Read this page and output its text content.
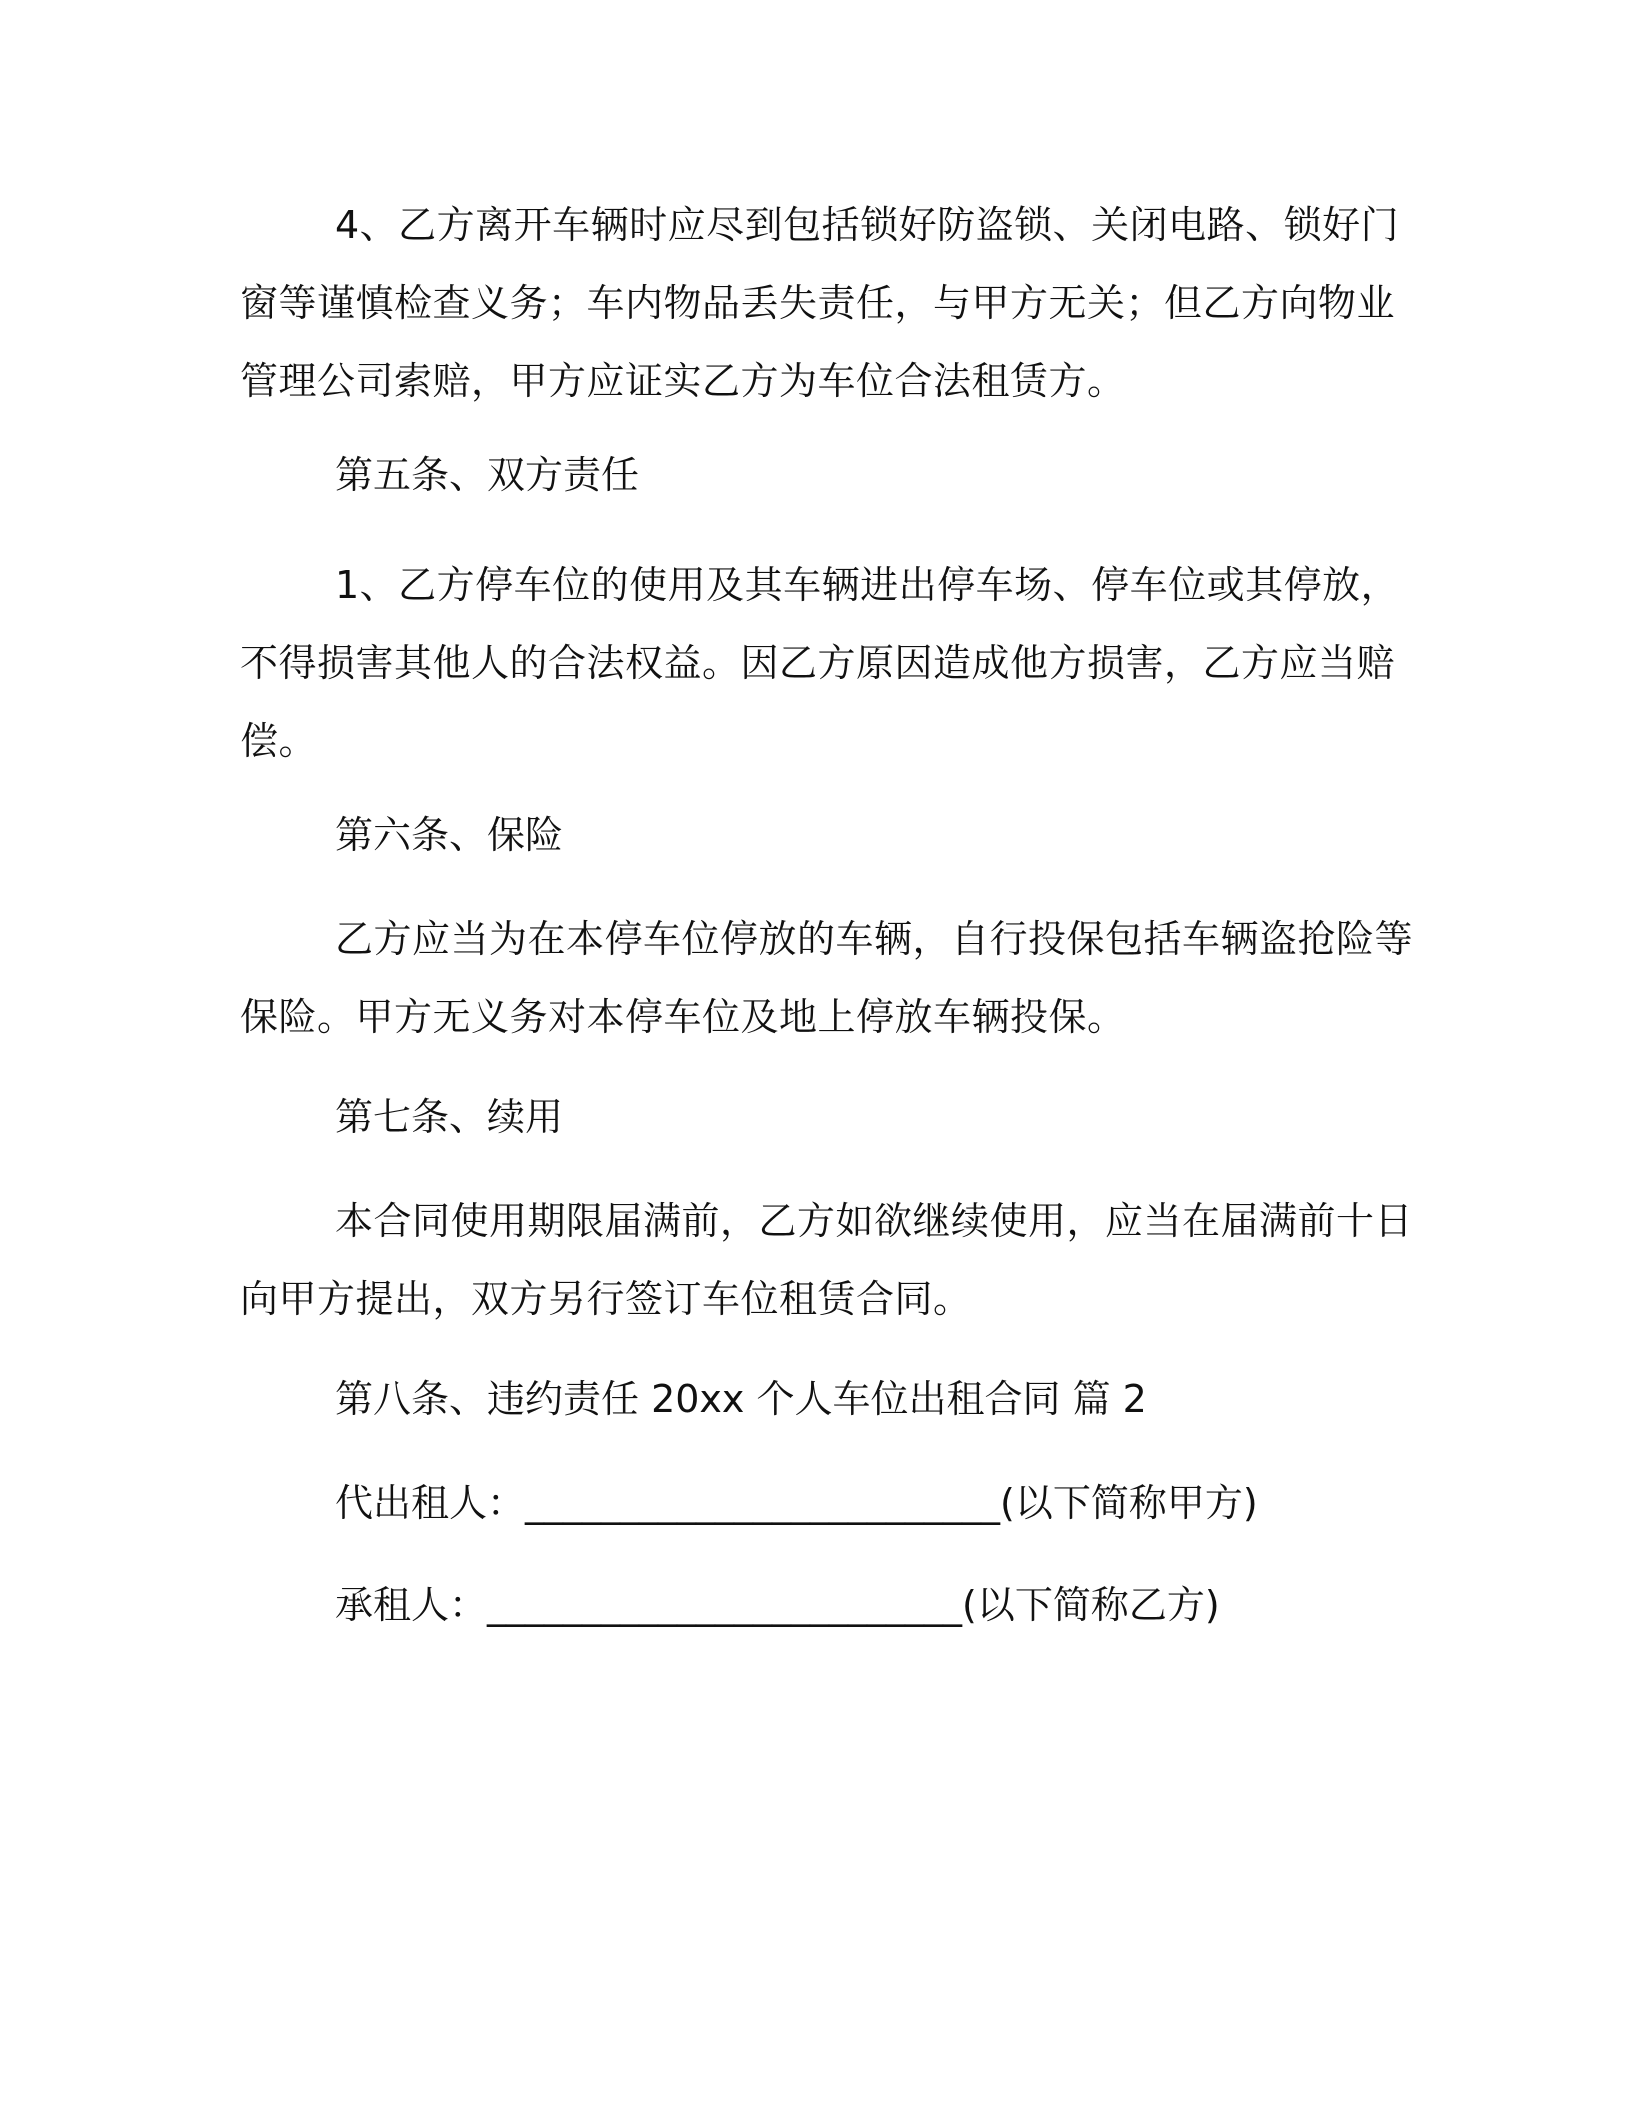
4、乙方离开车辆时应尽到包括锁好防盗锁、关闭电路、锁好门
窗等谨慎检查义务；车内物品丢失责任，与甲方无关；但乙方向物业
管理公司索赔，甲方应证实乙方为车位合法租赁方。
第五条、双方责任
1、乙方停车位的使用及其车辆进出停车场、停车位或其停放，
不得损害其他人的合法权益。因乙方原因造成他方损害，乙方应当赔
偿。
第六条、保险
乙方应当为在本停车位停放的车辆，自行投保包括车辆盗抢险等
保险。甲方无义务对本停车位及地上停放车辆投保。
第七条、续用
本合同使用期限届满前，乙方如欲继续使用，应当在届满前十日
向甲方提出，双方另行签订车位租赁合同。
第八条、违约责任 20xx 个人车位出租合同 篇 2
代出租人：_________________________(以下简称甲方)
承租人：_________________________(以下简称乙方)
